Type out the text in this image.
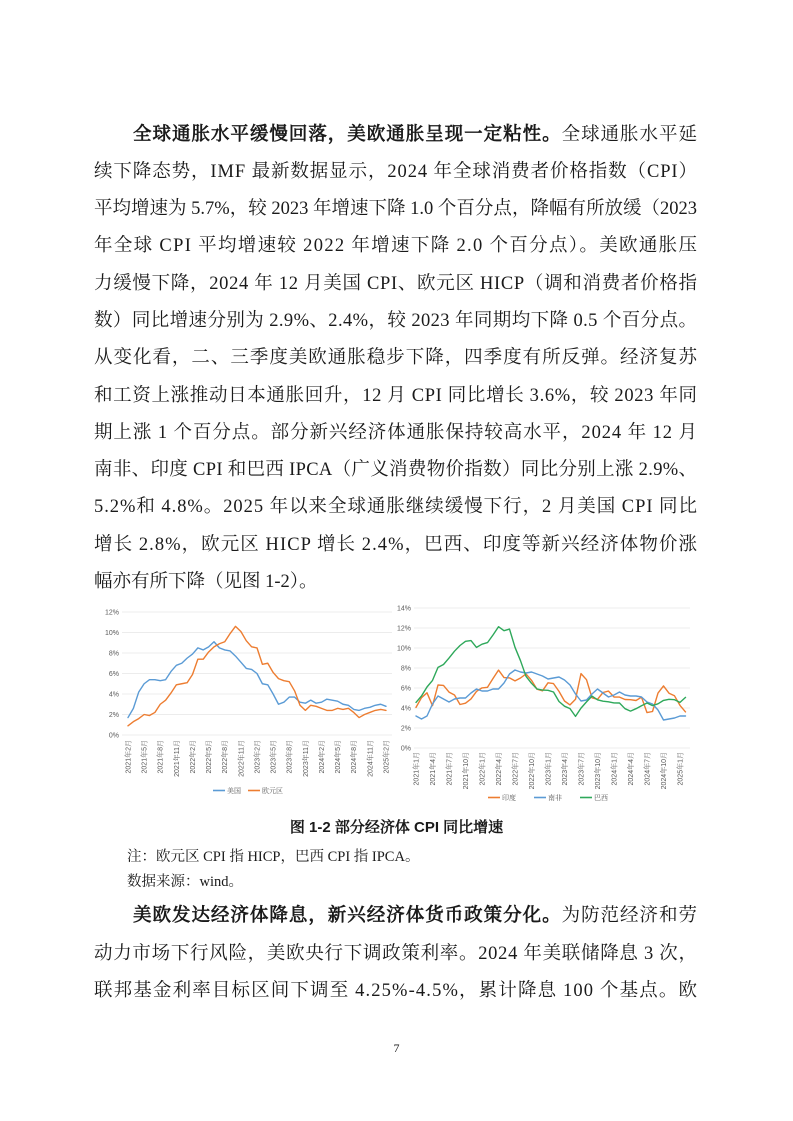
全球通胀水平缓慢回落，美欧通胀呈现一定粘性。全球通胀水平延
续下降态势，IMF 最新数据显示，2024 年全球消费者价格指数（CPI）
平均增速为 5.7%，较 2023 年增速下降 1.0 个百分点，降幅有所放缓（2023
年全球 CPI 平均增速较 2022 年增速下降 2.0 个百分点）。美欧通胀压
力缓慢下降，2024 年 12 月美国 CPI、欧元区 HICP（调和消费者价格指
数）同比增速分别为 2.9%、2.4%，较 2023 年同期均下降 0.5 个百分点。
从变化看，二、三季度美欧通胀稳步下降，四季度有所反弹。经济复苏
和工资上涨推动日本通胀回升，12 月 CPI 同比增长 3.6%，较 2023 年同
期上涨 1 个百分点。部分新兴经济体通胀保持较高水平，2024 年 12 月
南非、印度 CPI 和巴西 IPCA（广义消费物价指数）同比分别上涨 2.9%、
5.2%和 4.8%。2025 年以来全球通胀继续缓慢下行，2 月美国 CPI 同比
增长 2.8%，欧元区 HICP 增长 2.4%，巴西、印度等新兴经济体物价涨
幅亦有所下降（见图 1-2）。
0%
2%
4%
6%
8%
10%
12%
2021年2月 2021年5月 2021年8月 2021年11月 2022年2月 2022年5月 2022年8月 2022年11月 2023年2月 2023年5月 2023年8月 2023年11月 2024年2月 2024年5月 2024年8月 2024年11月 2025年2月
美国	欧元区
0%
2%
4%
6%
8%
10%
12%
14%
2021年1月 2021年4月 2021年7月 2021年10月 2022年1月 2022年4月 2022年7月 2022年10月 2023年1月 2023年4月 2023年7月 2023年10月 2024年1月 2024年4月 2024年7月 2024年10月 2025年1月
印度	南非	巴西
图 1-2 部分经济体 CPI 同比增速
注：欧元区 CPI 指 HICP，巴西 CPI 指 IPCA。
数据来源：wind。
美欧发达经济体降息，新兴经济体货币政策分化。为防范经济和劳
动力市场下行风险，美欧央行下调政策利率。2024 年美联储降息 3 次，
联邦基金利率目标区间下调至 4.25%-4.5%，累计降息 100 个基点。欧
7
